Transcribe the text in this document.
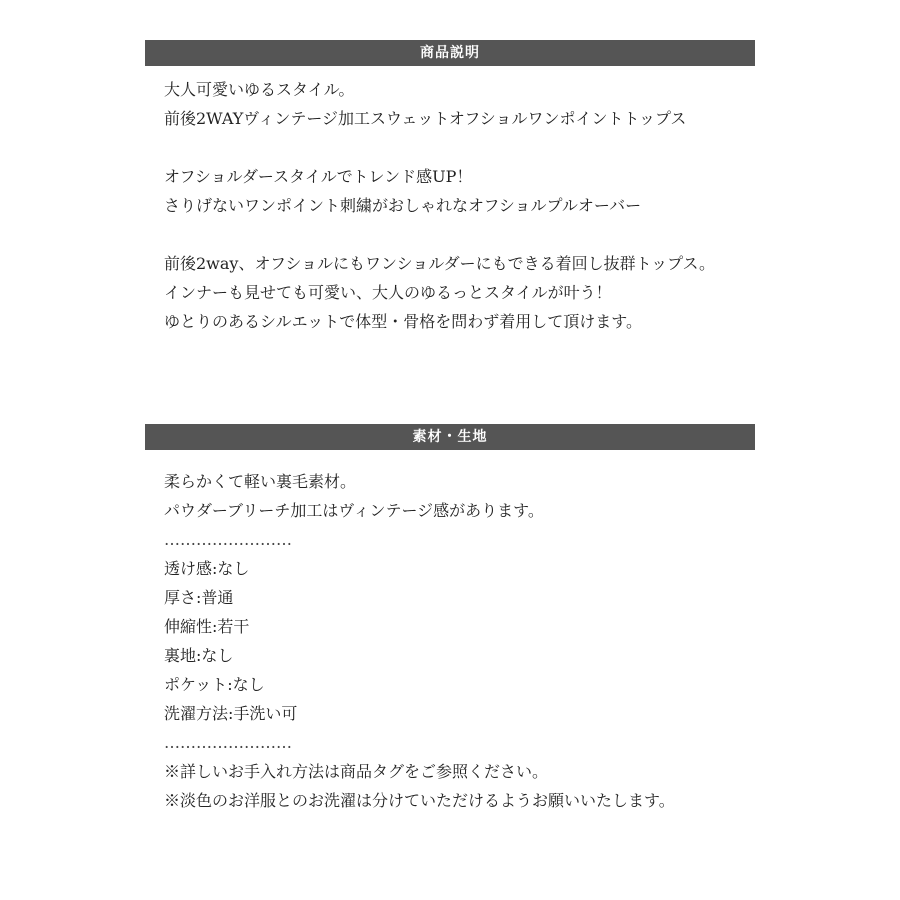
商品説明
大人可愛いゆるスタイル。
前後2WAYヴィンテージ加工スウェットオフショルワンポイントトップス
オフショルダースタイルでトレンド感UP！
さりげないワンポイント刺繍がおしゃれなオフショルプルオーバー
前後2way、オフショルにもワンショルダーにもできる着回し抜群トップス。
インナーも見せても可愛い、大人のゆるっとスタイルが叶う！
ゆとりのあるシルエットで体型・骨格を問わず着用して頂けます。
素材・生地
柔らかくて軽い裏毛素材。
パウダーブリーチ加工はヴィンテージ感があります。
……………………
透け感:なし
厚さ:普通
伸縮性:若干
裏地:なし
ポケット:なし
洗濯方法:手洗い可
……………………
※詳しいお手入れ方法は商品タグをご参照ください。
※淡色のお洋服とのお洗濯は分けていただけるようお願いいたします。
